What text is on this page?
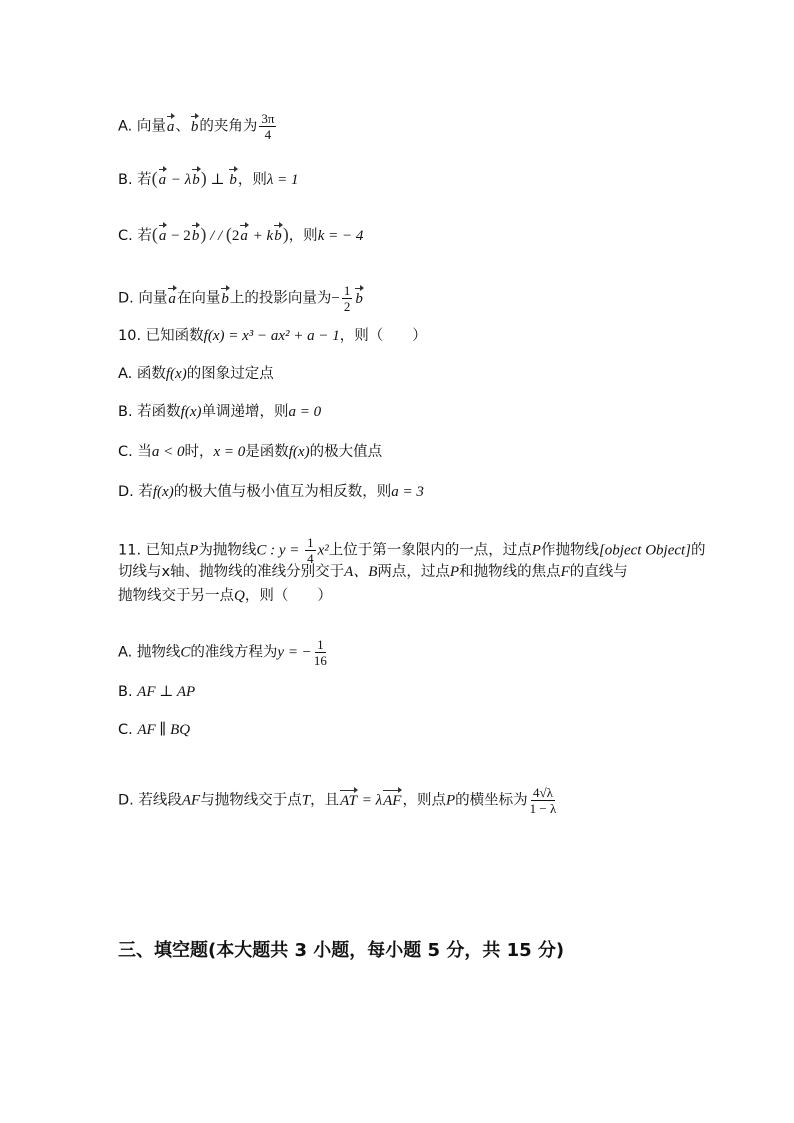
A. 向量a、b的夹角为 $\frac{3\pi}{4}$
B. 若(a − λb) ⊥ b，则λ = 1
C. 若(a − 2b) / / (2a + kb)，则k = − 4
D. 向量a在向量b上的投影向量为− $\frac{1}{2}$ b
10. 已知函数f(x) = x³ − ax² + a − 1，则（　　）
A. 函数f(x)的图象过定点
B. 若函数f(x)单调递增，则a = 0
C. 当a < 0时，x = 0是函数f(x)的极大值点
D. 若f(x)的极大值与极小值互为相反数，则a = 3
11. 已知点P为抛物线C : $y = \frac{1}{4} x^2$上位于第一象限内的一点，过点P作抛物线[object Object]的
切线与x轴、抛物线的准线分别交于A、B两点，过点P和抛物线的焦点F的直线与
抛物线交于另一点Q，则（　　）
A. 抛物线C的准线方程为y = − $\frac{1}{16}$
B. AF ⊥ AP
C. AF ∥ BQ
D. 若线段AF与抛物线交于点T，且AT = λAF，则点P的横坐标为 $\frac{4√\lambda}{1 - \lambda}$
三、填空题(本大题共 3 小题，每小题 5 分，共 15 分)
